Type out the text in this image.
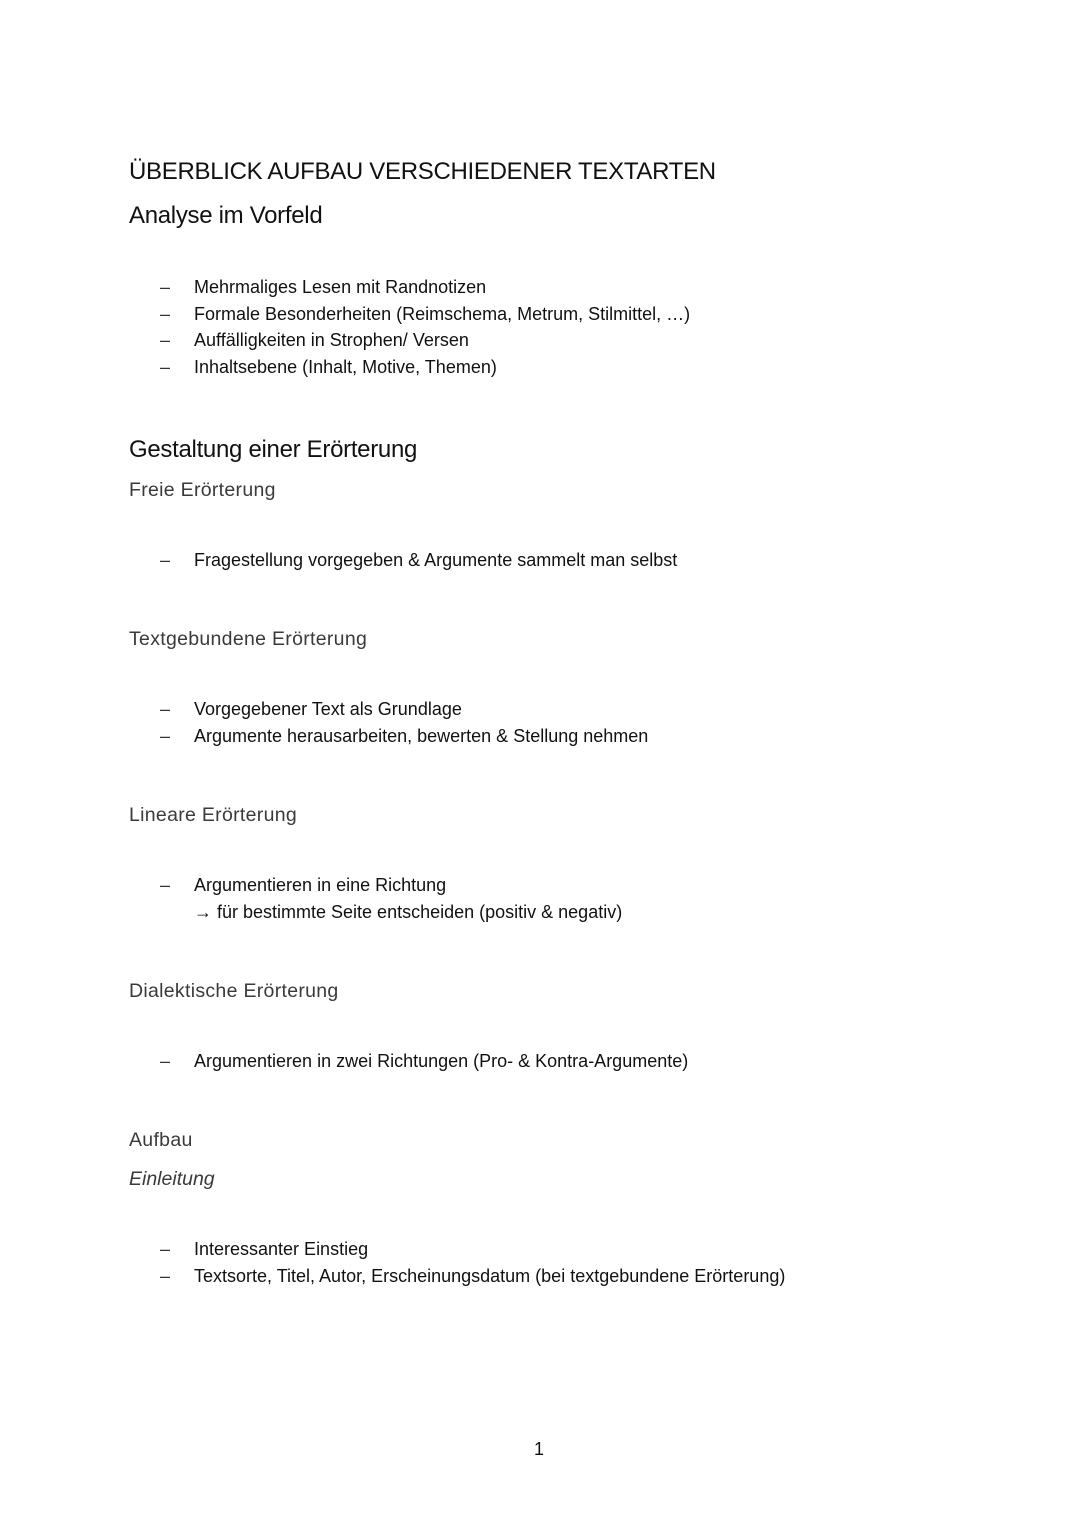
ÜBERBLICK AUFBAU VERSCHIEDENER TEXTARTEN
Analyse im Vorfeld
–	Mehrmaliges Lesen mit Randnotizen
–	Formale Besonderheiten (Reimschema, Metrum, Stilmittel, …)
–	Auffälligkeiten in Strophen/ Versen
–	Inhaltsebene (Inhalt, Motive, Themen)
Gestaltung einer Erörterung
Freie Erörterung
–	Fragestellung vorgegeben & Argumente sammelt man selbst
Textgebundene Erörterung
–	Vorgegebener Text als Grundlage
–	Argumente herausarbeiten, bewerten & Stellung nehmen
Lineare Erörterung
–	Argumentieren in eine Richtung
→ für bestimmte Seite entscheiden (positiv & negativ)
Dialektische Erörterung
–	Argumentieren in zwei Richtungen (Pro- & Kontra-Argumente)
Aufbau
Einleitung
–	Interessanter Einstieg
–	Textsorte, Titel, Autor, Erscheinungsdatum (bei textgebundene Erörterung)
1
